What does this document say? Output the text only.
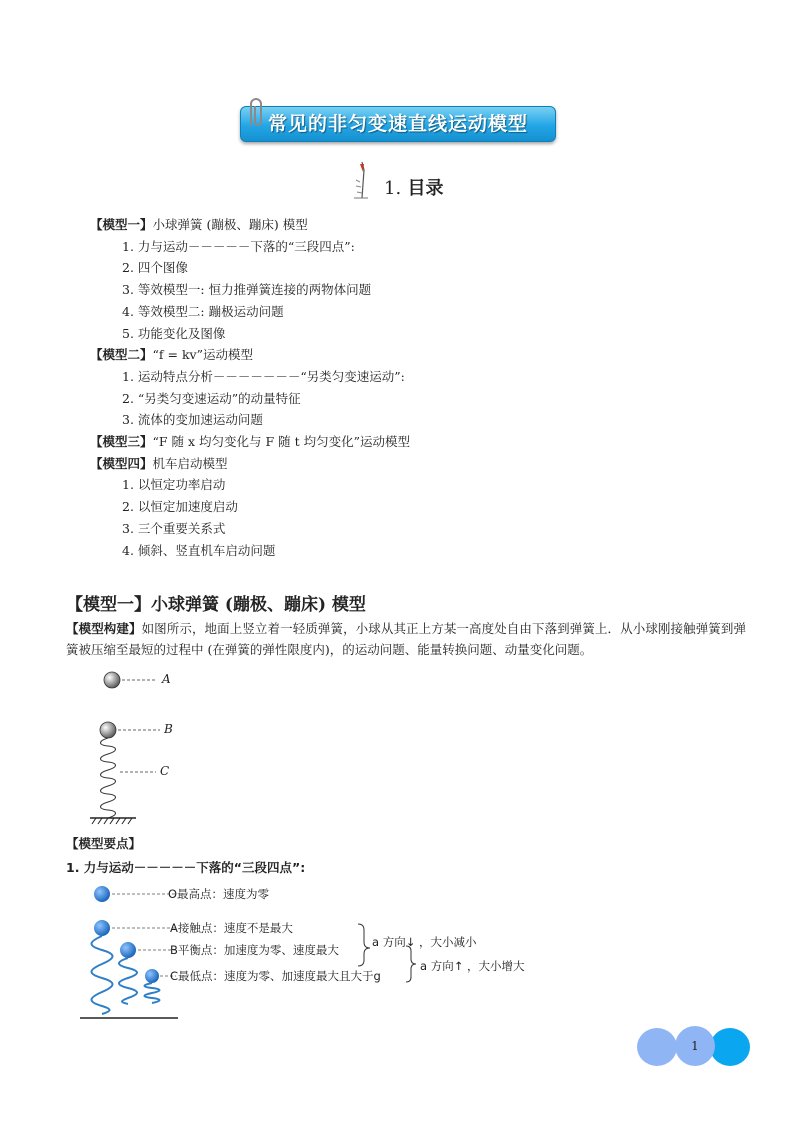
常见的非匀变速直线运动模型
1. 目录
【模型一】小球弹簧 (蹦极、蹦床) 模型
1. 力与运动－－－－－下落的“三段四点”:
2. 四个图像
3. 等效模型一: 恒力推弹簧连接的两物体问题
4. 等效模型二: 蹦极运动问题
5. 功能变化及图像
【模型二】“f = kv”运动模型
1. 运动特点分析－－－－－－－“另类匀变速运动”:
2. “另类匀变速运动”的动量特征
3. 流体的变加速运动问题
【模型三】“F 随 x 均匀变化与 F 随 t 均匀变化”运动模型
【模型四】机车启动模型
1. 以恒定功率启动
2. 以恒定加速度启动
3. 三个重要关系式
4. 倾斜、竖直机车启动问题
【模型一】小球弹簧 (蹦极、蹦床) 模型
【模型构建】如图所示，地面上竖立着一轻质弹簧，小球从其正上方某一高度处自由下落到弹簧上．从小球刚接触弹簧到弹簧被压缩至最短的过程中 (在弹簧的弹性限度内)，的运动问题、能量转换问题、动量变化问题。
A
B
C
【模型要点】
1. 力与运动－－－－－下落的“三段四点”:
O最高点：速度为零
A接触点：速度不是最大
B平衡点：加速度为零、速度最大
C最低点：速度为零、加速度最大且大于g
a 方向↓ ，大小减小
a 方向↑ ，大小增大
1
